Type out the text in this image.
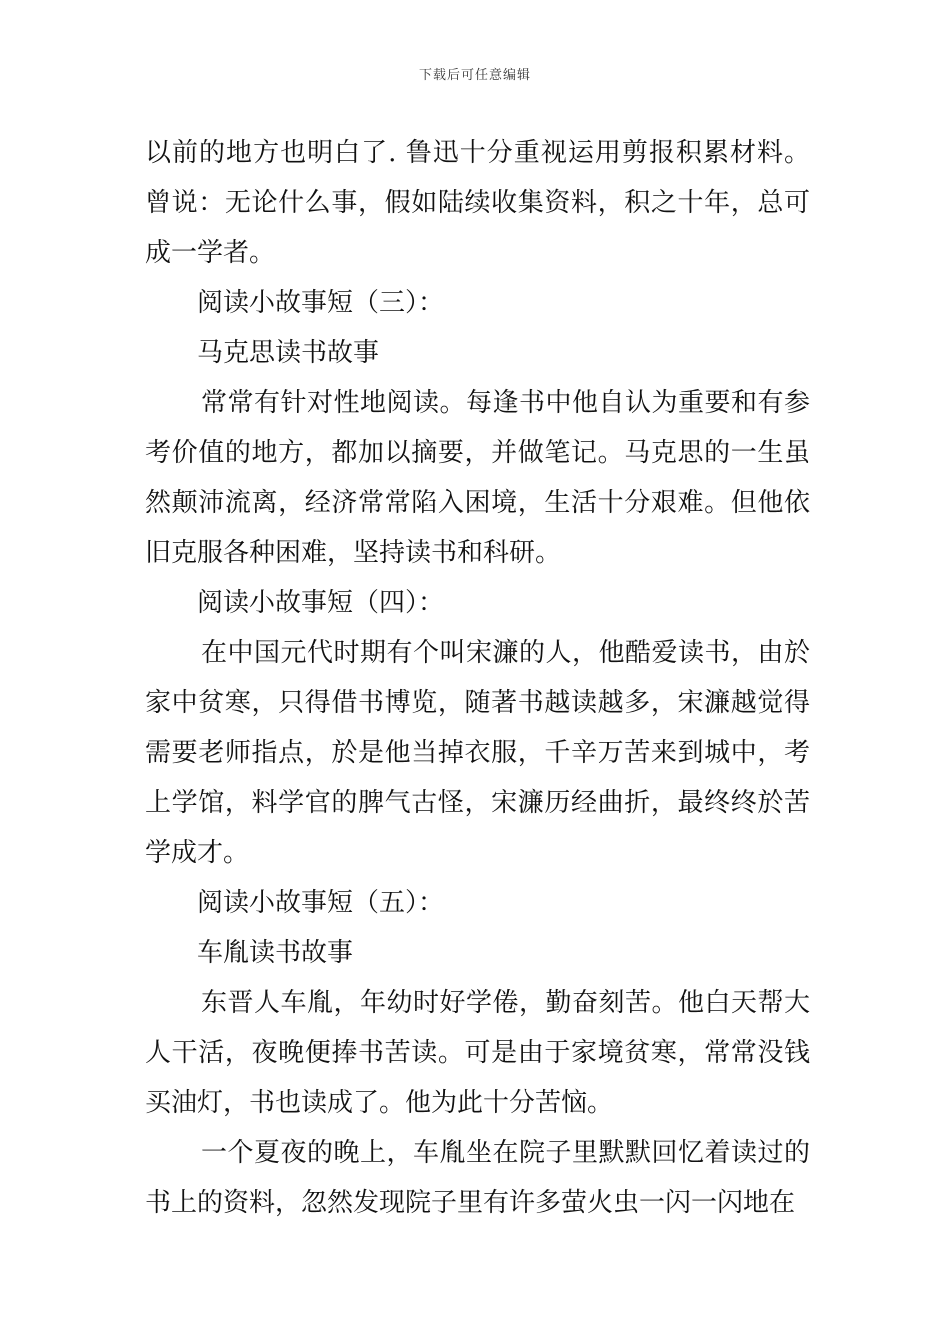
下载后可任意编辑

以前的地方也明白了. 鲁迅十分重视运用剪报积累材料。曾说：无论什么事，假如陆续收集资料，积之十年，总可成一学者。

阅读小故事短（三）：

马克思读书故事

常常有针对性地阅读。每逢书中他自认为重要和有参考价值的地方，都加以摘要，并做笔记。马克思的一生虽然颠沛流离，经济常常陷入困境，生活十分艰难。但他依旧克服各种困难，坚持读书和科研。

阅读小故事短（四）：

在中国元代时期有个叫宋濂的人，他酷爱读书，由於家中贫寒，只得借书博览，随著书越读越多，宋濂越觉得需要老师指点，於是他当掉衣服，千辛万苦来到城中，考上学馆，料学官的脾气古怪，宋濂历经曲折，最终终於苦学成才。

阅读小故事短（五）：

车胤读书故事

东晋人车胤，年幼时好学倦，勤奋刻苦。他白天帮大人干活，夜晚便捧书苦读。可是由于家境贫寒，常常没钱买油灯，书也读成了。他为此十分苦恼。

一个夏夜的晚上，车胤坐在院子里默默回忆着读过的书上的资料，忽然发现院子里有许多萤火虫一闪一闪地在
